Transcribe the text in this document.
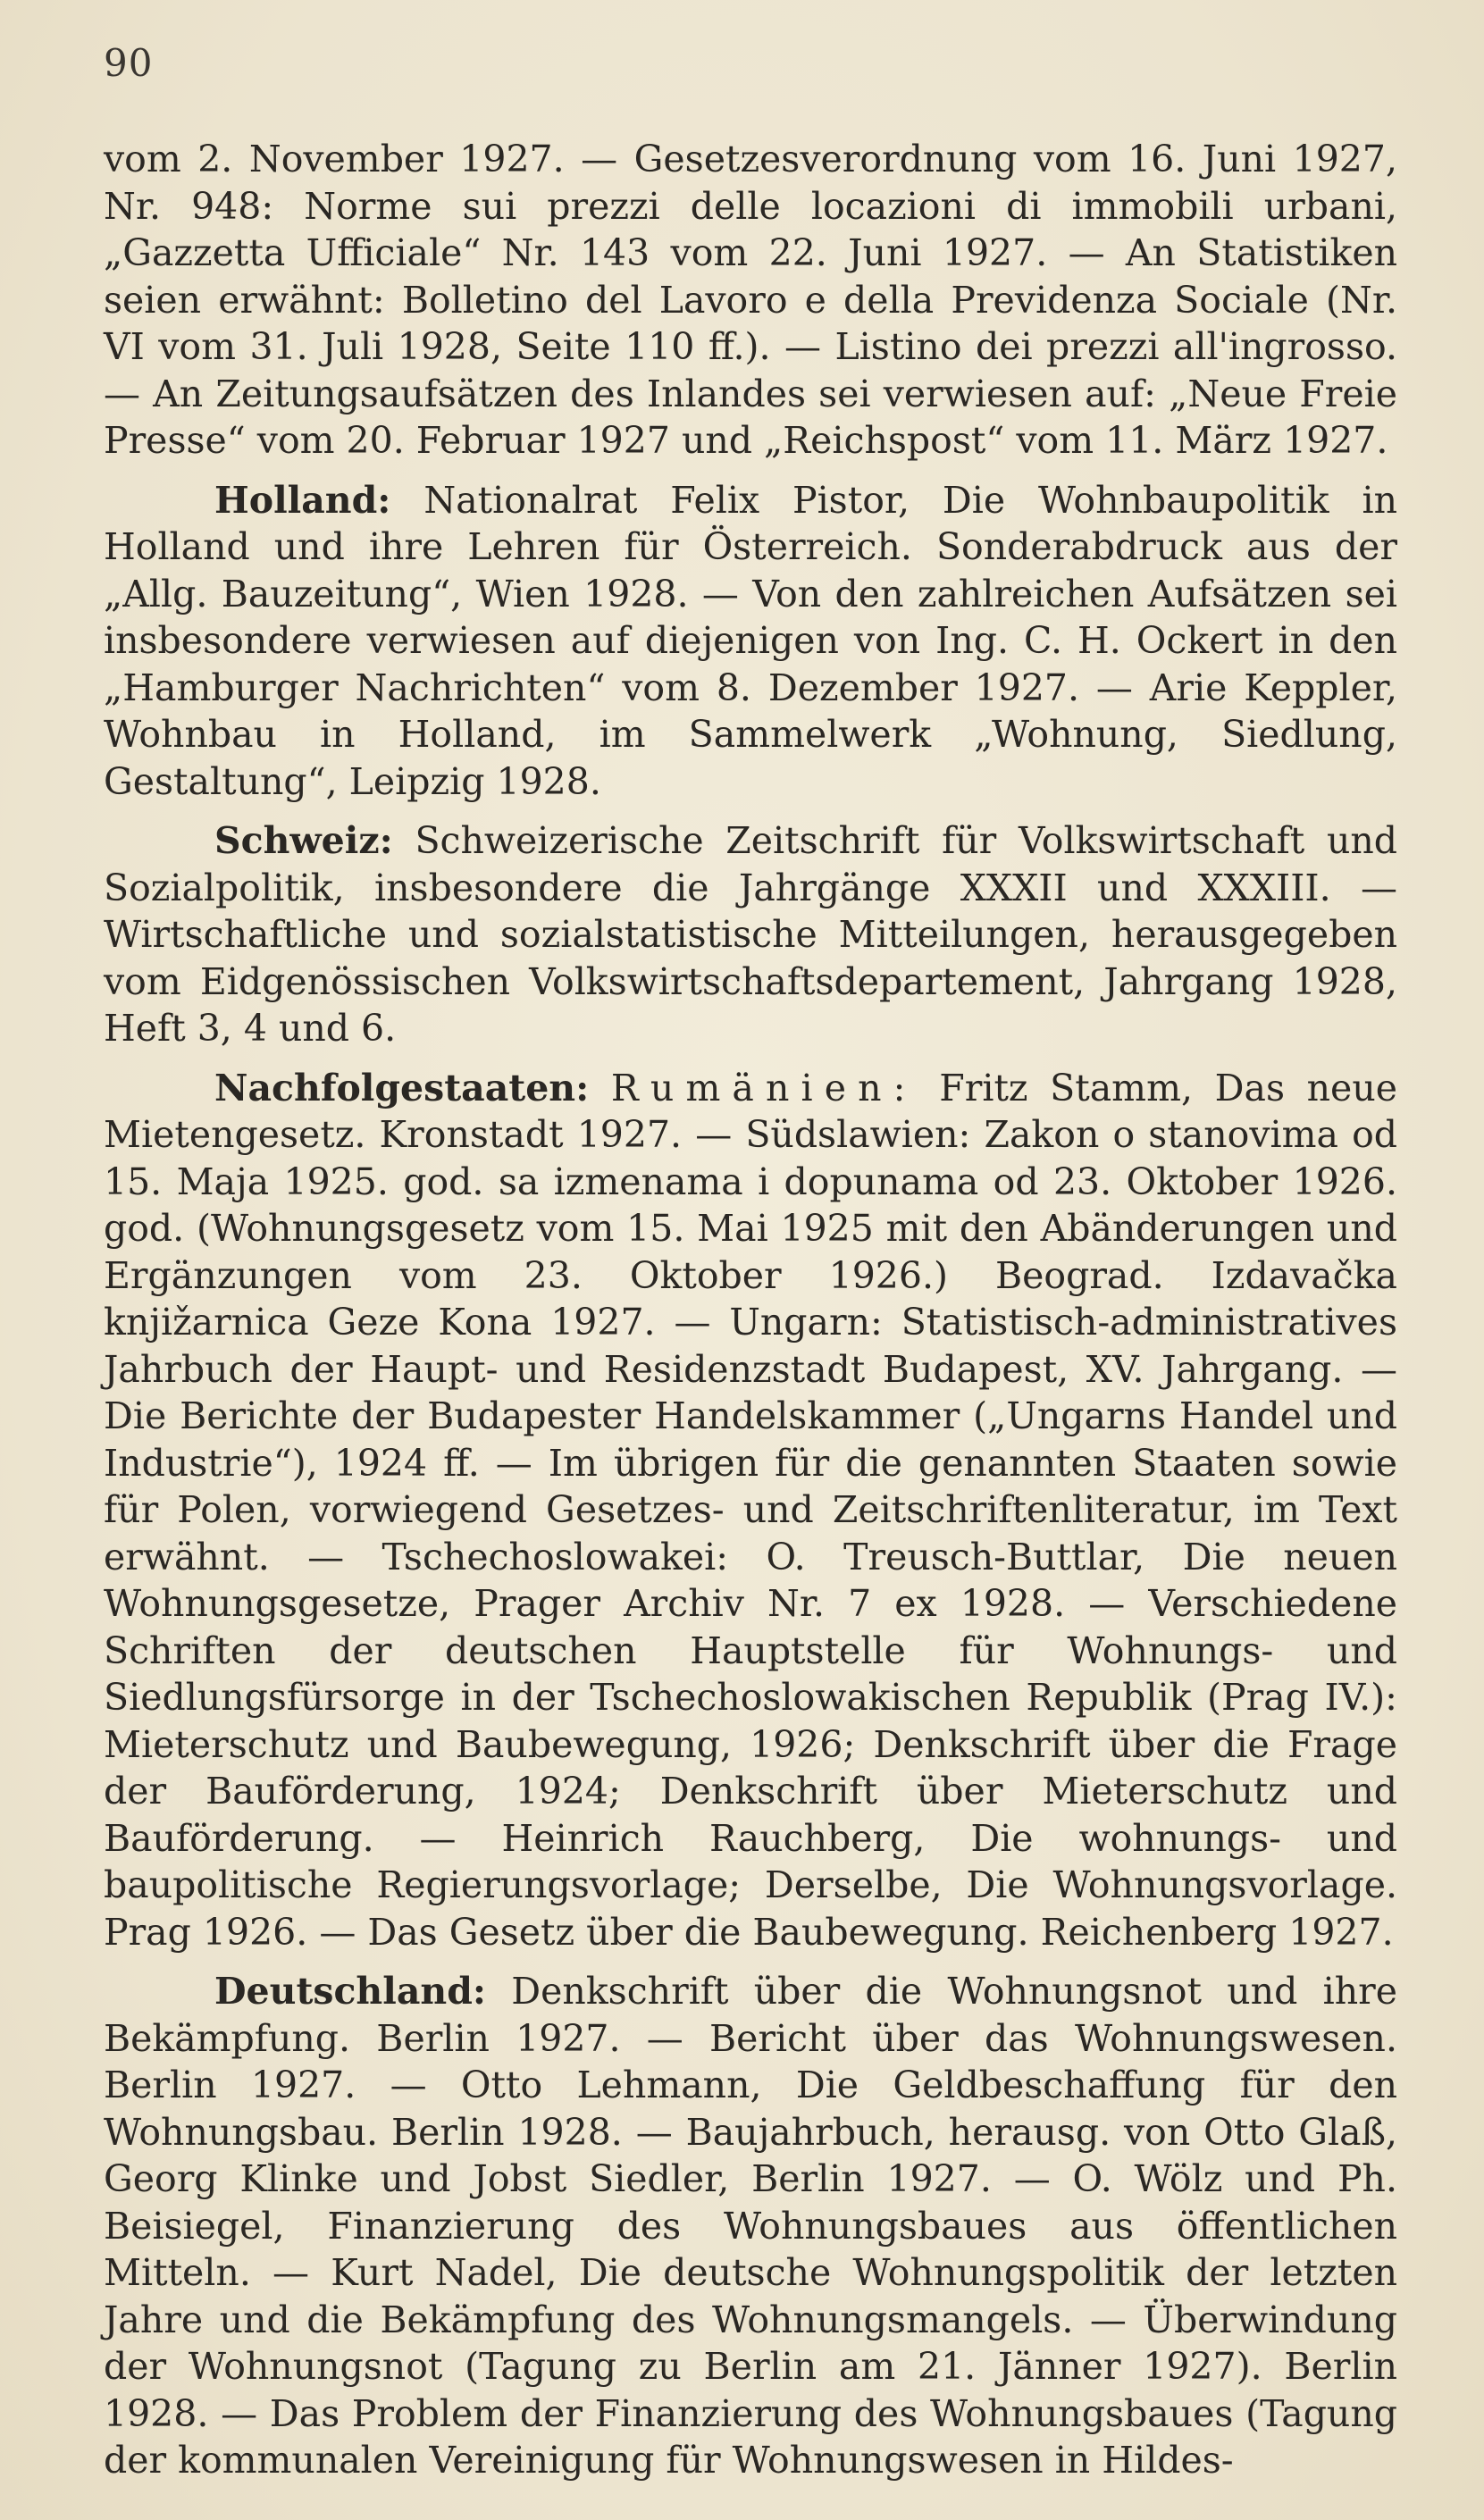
90

vom 2. November 1927. — Gesetzesverordnung vom 16. Juni 1927, Nr. 948: Norme sui prezzi delle locazioni di immobili urbani, „Gazzetta Ufficiale“ Nr. 143 vom 22. Juni 1927. — An Statistiken seien erwähnt: Bolletino del Lavoro e della Previdenza Sociale (Nr. VI vom 31. Juli 1928, Seite 110 ff.). — Listino dei prezzi all'ingrosso. — An Zeitungsaufsätzen des Inlandes sei verwiesen auf: „Neue Freie Presse“ vom 20. Februar 1927 und „Reichspost“ vom 11. März 1927.

Holland: Nationalrat Felix Pistor, Die Wohnbaupolitik in Holland und ihre Lehren für Österreich. Sonderabdruck aus der „Allg. Bauzeitung“, Wien 1928. — Von den zahlreichen Aufsätzen sei insbesondere verwiesen auf diejenigen von Ing. C. H. Ockert in den „Hamburger Nachrichten“ vom 8. Dezember 1927. — Arie Keppler, Wohnbau in Holland, im Sammelwerk „Wohnung, Siedlung, Gestaltung“, Leipzig 1928.

Schweiz: Schweizerische Zeitschrift für Volkswirtschaft und Sozialpolitik, insbesondere die Jahrgänge XXXII und XXXIII. — Wirtschaftliche und sozialstatistische Mitteilungen, herausgegeben vom Eidgenössischen Volkswirtschaftsdepartement, Jahrgang 1928, Heft 3, 4 und 6.

Nachfolgestaaten: Rumänien: Fritz Stamm, Das neue Mietengesetz. Kronstadt 1927. — Südslawien: Zakon o stanovima od 15. Maja 1925. god. sa izmenama i dopunama od 23. Oktober 1926. god. (Wohnungsgesetz vom 15. Mai 1925 mit den Abänderungen und Ergänzungen vom 23. Oktober 1926.) Beograd. Izdavačka knjižarnica Geze Kona 1927. — Ungarn: Statistisch-administratives Jahrbuch der Haupt- und Residenzstadt Budapest, XV. Jahrgang. — Die Berichte der Budapester Handelskammer („Ungarns Handel und Industrie“), 1924 ff. — Im übrigen für die genannten Staaten sowie für Polen, vorwiegend Gesetzes- und Zeitschriftenliteratur, im Text erwähnt. — Tschechoslowakei: O. Treusch-Buttlar, Die neuen Wohnungsgesetze, Prager Archiv Nr. 7 ex 1928. — Verschiedene Schriften der deutschen Hauptstelle für Wohnungs- und Siedlungsfürsorge in der Tschechoslowakischen Republik (Prag IV.): Mieterschutz und Baubewegung, 1926; Denkschrift über die Frage der Bauförderung, 1924; Denkschrift über Mieterschutz und Bauförderung. — Heinrich Rauchberg, Die wohnungs- und baupolitische Regierungsvorlage; Derselbe, Die Wohnungsvorlage. Prag 1926. — Das Gesetz über die Baubewegung. Reichenberg 1927.

Deutschland: Denkschrift über die Wohnungsnot und ihre Bekämpfung. Berlin 1927. — Bericht über das Wohnungswesen. Berlin 1927. — Otto Lehmann, Die Geldbeschaffung für den Wohnungsbau. Berlin 1928. — Baujahrbuch, herausg. von Otto Glaß, Georg Klinke und Jobst Siedler, Berlin 1927. — O. Wölz und Ph. Beisiegel, Finanzierung des Wohnungsbaues aus öffentlichen Mitteln. — Kurt Nadel, Die deutsche Wohnungspolitik der letzten Jahre und die Bekämpfung des Wohnungsmangels. — Überwindung der Wohnungsnot (Tagung zu Berlin am 21. Jänner 1927). Berlin 1928. — Das Problem der Finanzierung des Wohnungsbaues (Tagung der kommunalen Vereinigung für Wohnungswesen in Hildes-
